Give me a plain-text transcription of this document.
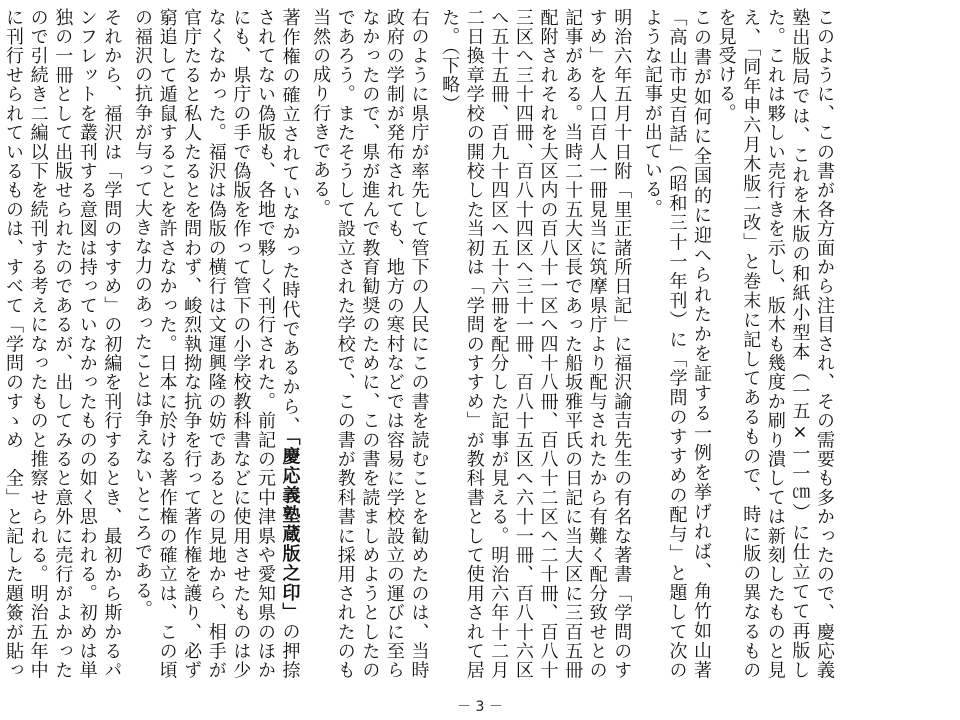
このように、この書が各方面から注目され、その需要も多かったので、慶応義塾出版局では、これを木版の和紙小型本（一五×一一㎝）に仕立てて再版した。これは夥しい売行きを示し、版木も幾度か刷り潰しては新刻したものと見え、「同年申六月木版二改」と巻末に記してあるもので、時に版の異なるものを見受ける。

この書が如何に全国的に迎へられたかを証する一例を挙げれば、角竹如山著「高山市史百話」（昭和三十一年刊）に「学問のすすめの配与」と題して次のような記事が出ている。

明治六年五月十日附「里正諸所日記」に福沢諭吉先生の有名な著書「学問のすすめ」を人口百人一冊見当に筑摩県庁より配与されたから有難く配分致せとの記事がある。当時二十五大区長であった船坂雅平氏の日記に当大区に三百五冊配附されそれを大区内の百八十一区へ四十八冊、百八十二区へ二十冊、百八十三区へ三十四冊、百八十四区へ三十一冊、百八十五区へ六十一冊、百八十六区へ五十五冊、百九十四区へ五十六冊を配分した記事が見える。明治六年十二月二日換章学校の開校した当初は「学問のすすめ」が教科書として使用されて居た。（下略）

右のように県庁が率先して管下の人民にこの書を読むことを勧めたのは、当時政府の学制が発布されても、地方の寒村などでは容易に学校設立の運びに至らなかったので、県が進んで教育勧奨のために、この書を読ましめようとしたのであろう。またそうして設立された学校で、この書が教科書に採用されたのも当然の成り行きである。

著作権の確立されていなかった時代であるから、「慶応義塾蔵版之印」の押捺されてない偽版も、各地で夥しく刊行された。前記の元中津県や愛知県のほかにも、県庁の手で偽版を作って管下の小学校教科書などに使用させたものは少なくなかった。福沢は偽版の横行は文運興隆の妨であるとの見地から、相手が官庁たると私人たるとを問わず、峻烈執拗な抗争を行って著作権を護り、必ず窮追して遁鼠することを許さなかった。日本に於ける著作権の確立は、この頃の福沢の抗争が与って大きな力のあったことは争えないところである。

それから、福沢は「学問のすすめ」の初編を刊行するとき、最初から斯かるパンフレットを叢刊する意図は持っていなかったものの如く思われる。初めは単独の一冊として出版せられたのであるが、出してみると意外に売行がよかったので引続き二編以下を続刊する考えになったものと推察せられる。明治五年中に刊行せられているものは、すべて「学問のすゝめ　全」と記した題簽が貼っ

－ 3 －
